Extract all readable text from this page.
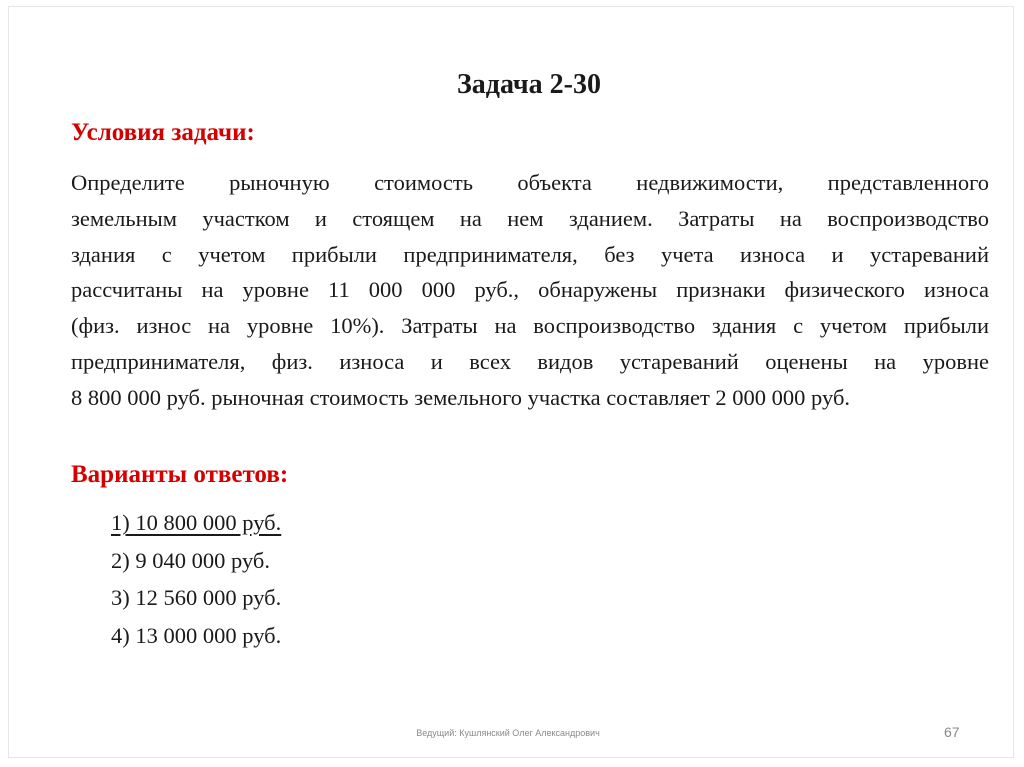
Задача 2-30
Условия задачи:

Определите рыночную стоимость объекта недвижимости, представленного
земельным участком и стоящем на нем зданием. Затраты на воспроизводство
здания с учетом прибыли предпринимателя, без учета износа и устареваний
рассчитаны на уровне 11 000 000 руб., обнаружены признаки физического износа
(физ. износ на уровне 10%). Затраты на воспроизводство здания с учетом прибыли
предпринимателя, физ. износа и всех видов устареваний оценены на уровне
8 800 000 руб. рыночная стоимость земельного участка составляет 2 000 000 руб.

Варианты ответов:
1) 10 800 000 руб.
2) 9 040 000 руб.
3) 12 560 000 руб.
4) 13 000 000 руб.
Ведущий: Кушлянский Олег Александрович	67
